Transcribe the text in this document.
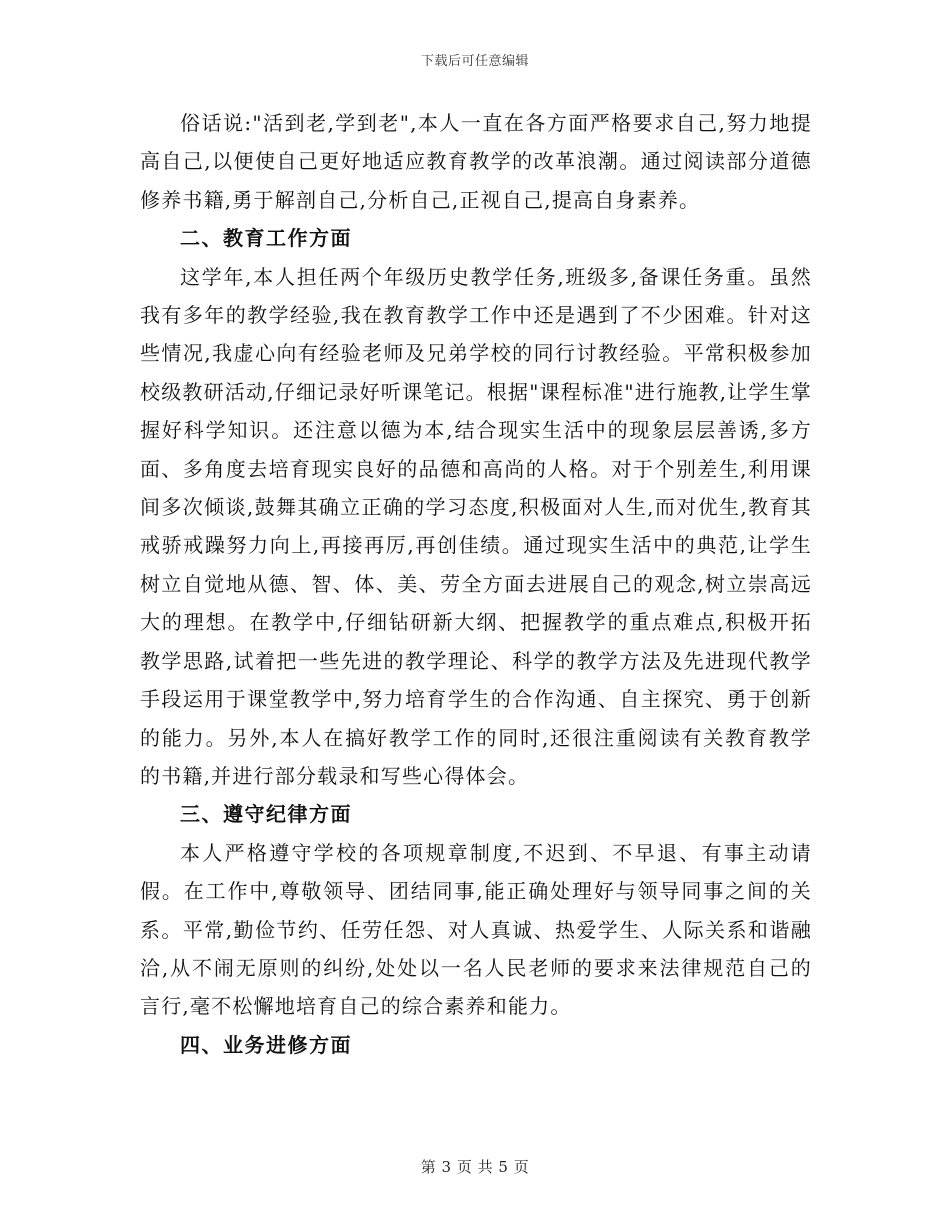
下载后可任意编辑

俗话说:"活到老,学到老",本人一直在各方面严格要求自己,努力地提高自己,以便使自己更好地适应教育教学的改革浪潮。通过阅读部分道德修养书籍,勇于解剖自己,分析自己,正视自己,提高自身素养。

二、教育工作方面

这学年,本人担任两个年级历史教学任务,班级多,备课任务重。虽然我有多年的教学经验,我在教育教学工作中还是遇到了不少困难。针对这些情况,我虚心向有经验老师及兄弟学校的同行讨教经验。平常积极参加校级教研活动,仔细记录好听课笔记。根据"课程标准"进行施教,让学生掌握好科学知识。还注意以德为本,结合现实生活中的现象层层善诱,多方面、多角度去培育现实良好的品德和高尚的人格。对于个别差生,利用课间多次倾谈,鼓舞其确立正确的学习态度,积极面对人生,而对优生,教育其戒骄戒躁努力向上,再接再厉,再创佳绩。通过现实生活中的典范,让学生树立自觉地从德、智、体、美、劳全方面去进展自己的观念,树立崇高远大的理想。在教学中,仔细钻研新大纲、把握教学的重点难点,积极开拓教学思路,试着把一些先进的教学理论、科学的教学方法及先进现代教学手段运用于课堂教学中,努力培育学生的合作沟通、自主探究、勇于创新的能力。另外,本人在搞好教学工作的同时,还很注重阅读有关教育教学的书籍,并进行部分载录和写些心得体会。

三、遵守纪律方面

本人严格遵守学校的各项规章制度,不迟到、不早退、有事主动请假。在工作中,尊敬领导、团结同事,能正确处理好与领导同事之间的关系。平常,勤俭节约、任劳任怨、对人真诚、热爱学生、人际关系和谐融洽,从不闹无原则的纠纷,处处以一名人民老师的要求来法律规范自己的言行,毫不松懈地培育自己的综合素养和能力。

四、业务进修方面

第 3 页 共 5 页
